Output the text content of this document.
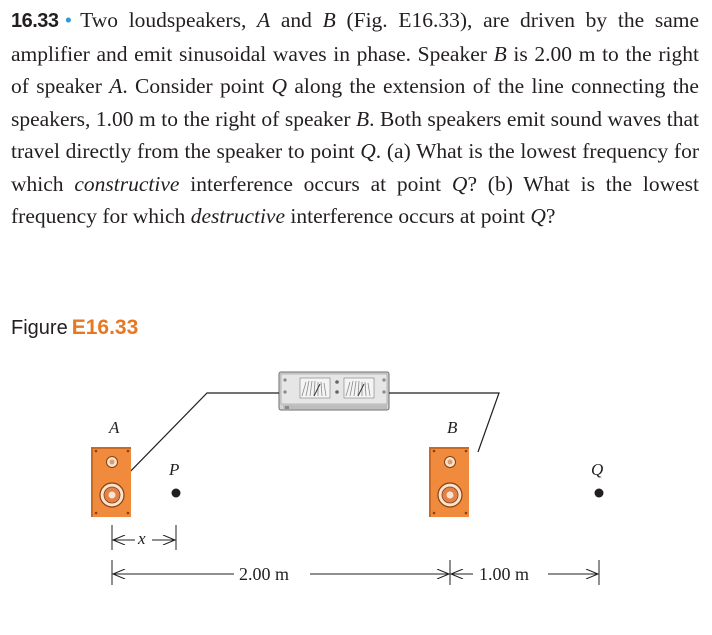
16.33 • Two loudspeakers, A and B (Fig. E16.33), are driven by the same amplifier and emit sinusoidal waves in phase. Speaker B is 2.00 m to the right of speaker A. Consider point Q along the extension of the line connecting the speakers, 1.00 m to the right of speaker B. Both speakers emit sound waves that travel directly from the speaker to point Q. (a) What is the lowest frequency for which constructive interference occurs at point Q? (b) What is the lowest frequency for which destructive interference occurs at point Q?
Figure E16.33
A	B
P	Q
x
2.00 m	1.00 m
